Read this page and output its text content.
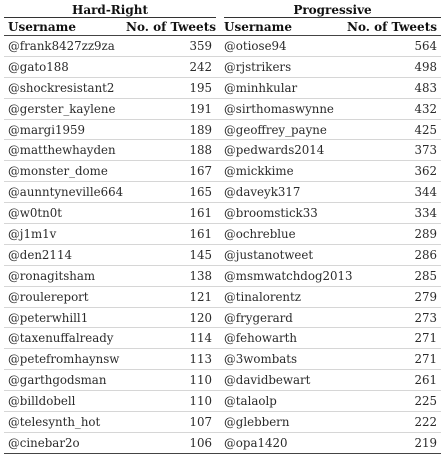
Hard-Right		Progressive	
Username	No. of Tweets	Username	No. of Tweets
@frank8427zz9za	359	@otiose94	564
@gato188	242	@rjstrikers	498
@shockresistant2	195	@minhkular	483
@gerster_kaylene	191	@sirthomaswynne	432
@margi1959	189	@geoffrey_payne	425
@matthewhayden	188	@pedwards2014	373
@monster_dome	167	@mickkime	362
@aunntyneville664	165	@daveyk317	344
@w0tn0t	161	@broomstick33	334
@j1m1v	161	@ochreblue	289
@den2114	145	@justanotweet	286
@ronagitsham	138	@msmwatchdog2013	285
@roulereport	121	@tinalorentz	279
@peterwhill1	120	@frygerard	273
@taxenuffalready	114	@fehowarth	271
@petefromhaynsw	113	@3wombats	271
@garthgodsman	110	@davidbewart	261
@billdobell	110	@talaolp	225
@telesynth_hot	107	@glebbern	222
@cinebar2o	106	@opa1420	219
